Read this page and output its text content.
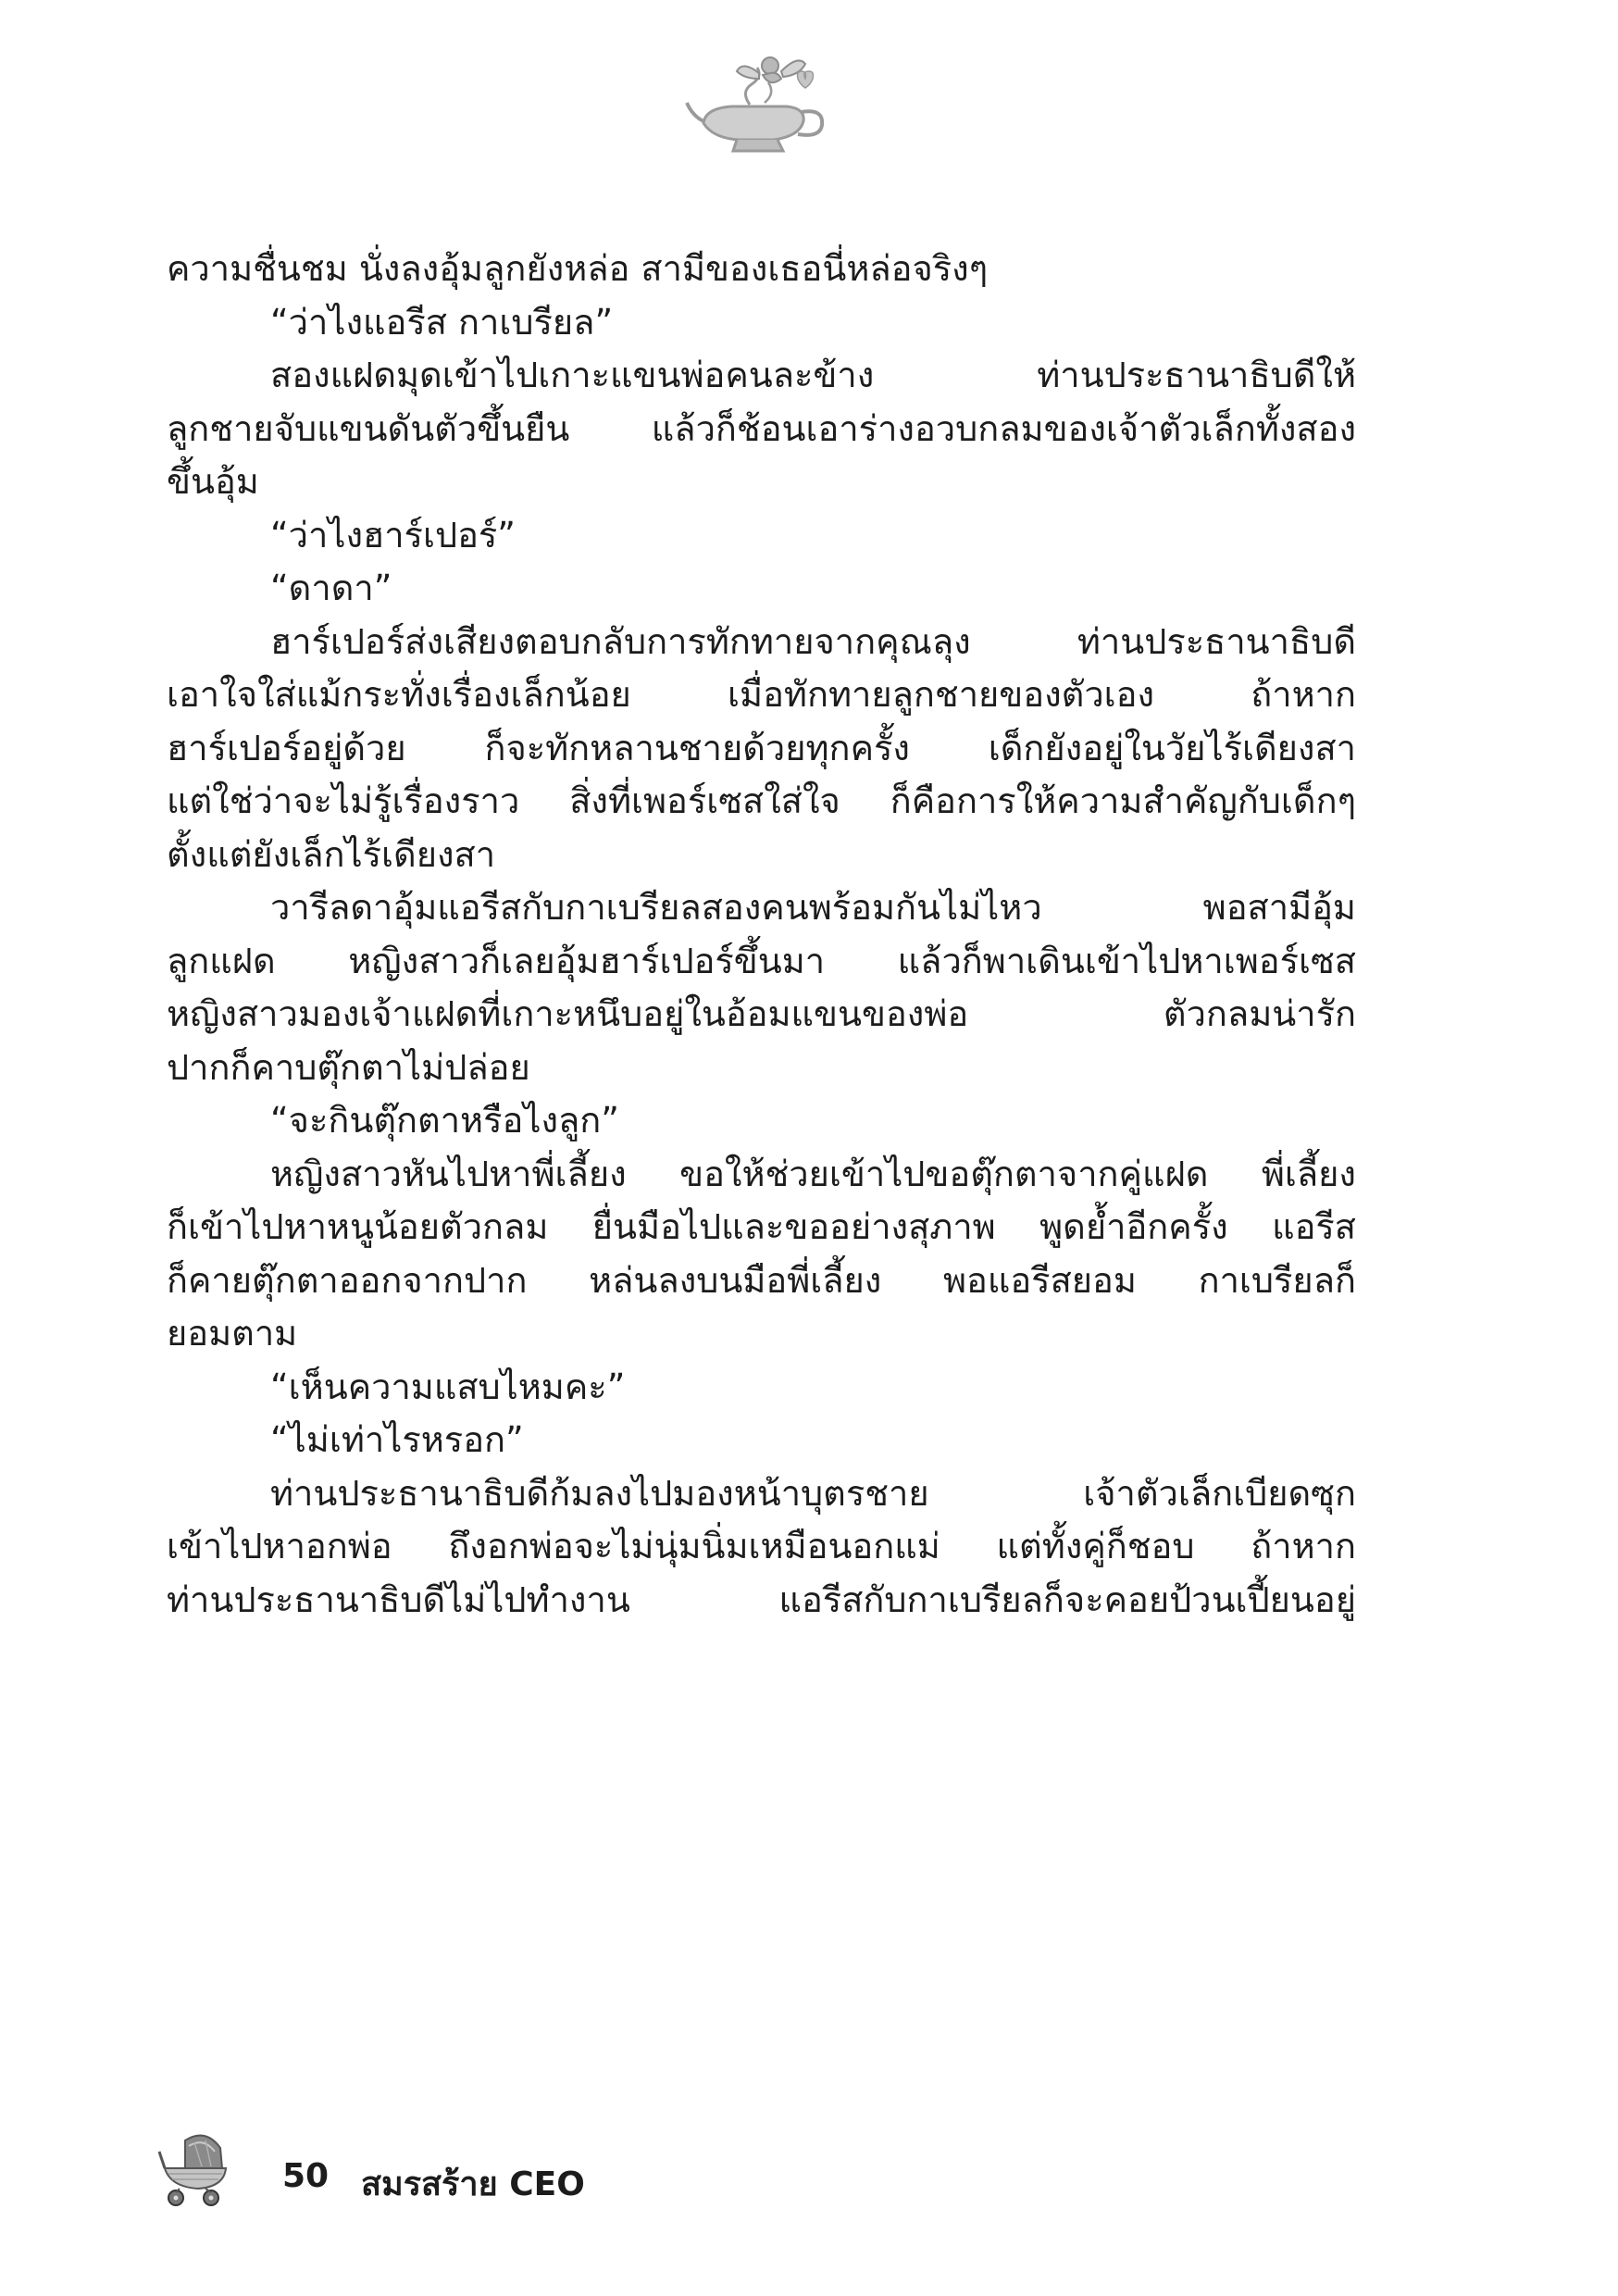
ความชื่นชม นั่งลงอุ้มลูกยังหล่อ สามีของเธอนี่หล่อจริงๆ
“ว่าไงแอรีส กาเบรียล”
สองแฝดมุดเข้าไปเกาะแขนพ่อคนละข้าง ท่านประธานาธิบดีให้
ลูกชายจับแขนดันตัวขึ้นยืน แล้วก็ช้อนเอาร่างอวบกลมของเจ้าตัวเล็กทั้งสอง
ขึ้นอุ้ม
“ว่าไงฮาร์เปอร์”
“ดาดา”
ฮาร์เปอร์ส่งเสียงตอบกลับการทักทายจากคุณลุง ท่านประธานาธิบดี
เอาใจใส่แม้กระทั่งเรื่องเล็กน้อย เมื่อทักทายลูกชายของตัวเอง ถ้าหาก
ฮาร์เปอร์อยู่ด้วย ก็จะทักหลานชายด้วยทุกครั้ง เด็กยังอยู่ในวัยไร้เดียงสา
แต่ใช่ว่าจะไม่รู้เรื่องราว สิ่งที่เพอร์เซสใส่ใจ ก็คือการให้ความสำคัญกับเด็กๆ
ตั้งแต่ยังเล็กไร้เดียงสา
วารีลดาอุ้มแอรีสกับกาเบรียลสองคนพร้อมกันไม่ไหว พอสามีอุ้ม
ลูกแฝด หญิงสาวก็เลยอุ้มฮาร์เปอร์ขึ้นมา แล้วก็พาเดินเข้าไปหาเพอร์เซส
หญิงสาวมองเจ้าแฝดที่เกาะหนึบอยู่ในอ้อมแขนของพ่อ ตัวกลมน่ารัก
ปากก็คาบตุ๊กตาไม่ปล่อย
“จะกินตุ๊กตาหรือไงลูก”
หญิงสาวหันไปหาพี่เลี้ยง ขอให้ช่วยเข้าไปขอตุ๊กตาจากคู่แฝด พี่เลี้ยง
ก็เข้าไปหาหนูน้อยตัวกลม ยื่นมือไปและขออย่างสุภาพ พูดย้ำอีกครั้ง แอรีส
ก็คายตุ๊กตาออกจากปาก หล่นลงบนมือพี่เลี้ยง พอแอรีสยอม กาเบรียลก็
ยอมตาม
“เห็นความแสบไหมคะ”
“ไม่เท่าไรหรอก”
ท่านประธานาธิบดีก้มลงไปมองหน้าบุตรชาย เจ้าตัวเล็กเบียดซุก
เข้าไปหาอกพ่อ ถึงอกพ่อจะไม่นุ่มนิ่มเหมือนอกแม่ แต่ทั้งคู่ก็ชอบ ถ้าหาก
ท่านประธานาธิบดีไม่ไปทำงาน แอรีสกับกาเบรียลก็จะคอยป้วนเปี้ยนอยู่
50 สมรสร้าย CEO
